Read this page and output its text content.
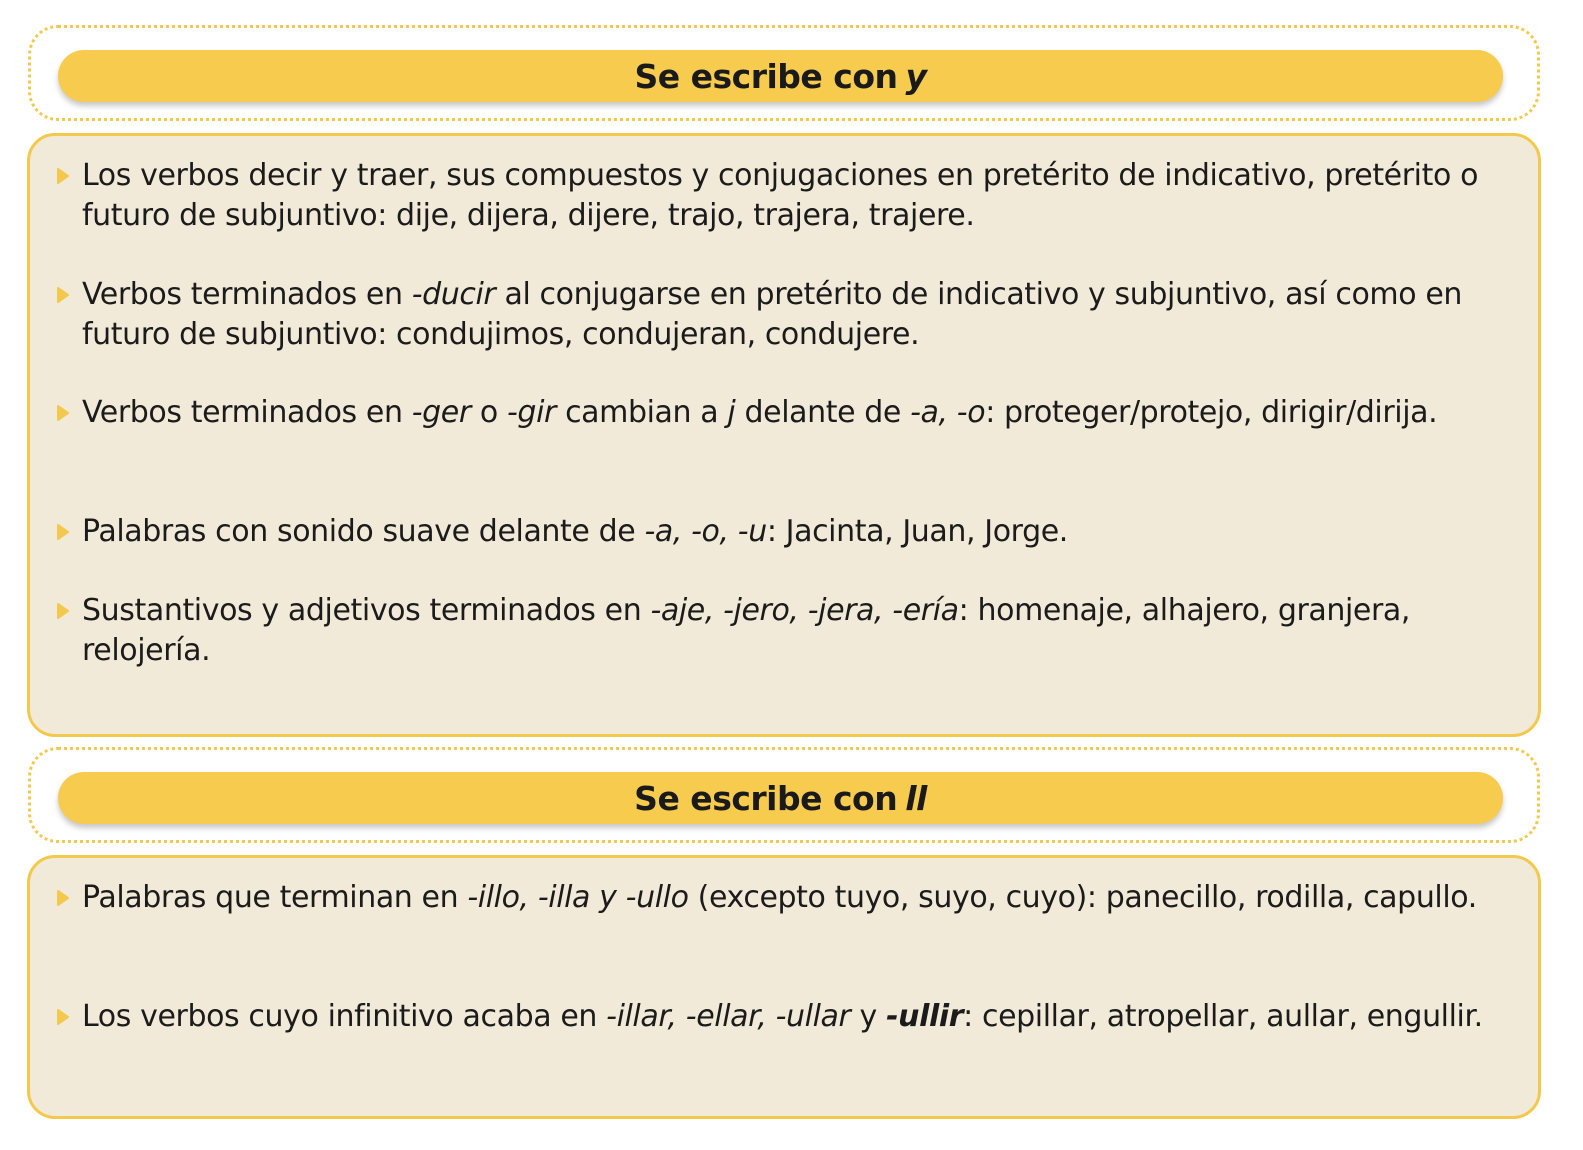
Se escribe con y
Los verbos decir y traer, sus compuestos y conjugaciones en pretérito de indicativo, pretérito o futuro de subjuntivo: dije, dijera, dijere, trajo, trajera, trajere.
Verbos terminados en -ducir al conjugarse en pretérito de indicativo y subjuntivo, así como en futuro de subjuntivo: condujimos, condujeran, condujere.
Verbos terminados en -ger o -gir cambian a j delante de -a, -o: proteger/protejo, dirigir/dirija.
Palabras con sonido suave delante de -a, -o, -u: Jacinta, Juan, Jorge.
Sustantivos y adjetivos terminados en -aje, -jero, -jera, -ería: homenaje, alhajero, granjera, relojería.
Se escribe con ll
Palabras que terminan en -illo, -illa y -ullo (excepto tuyo, suyo, cuyo): panecillo, rodilla, capullo.
Los verbos cuyo infinitivo acaba en -illar, -ellar, -ullar y -ullir: cepillar, atropellar, aullar, engullir.
